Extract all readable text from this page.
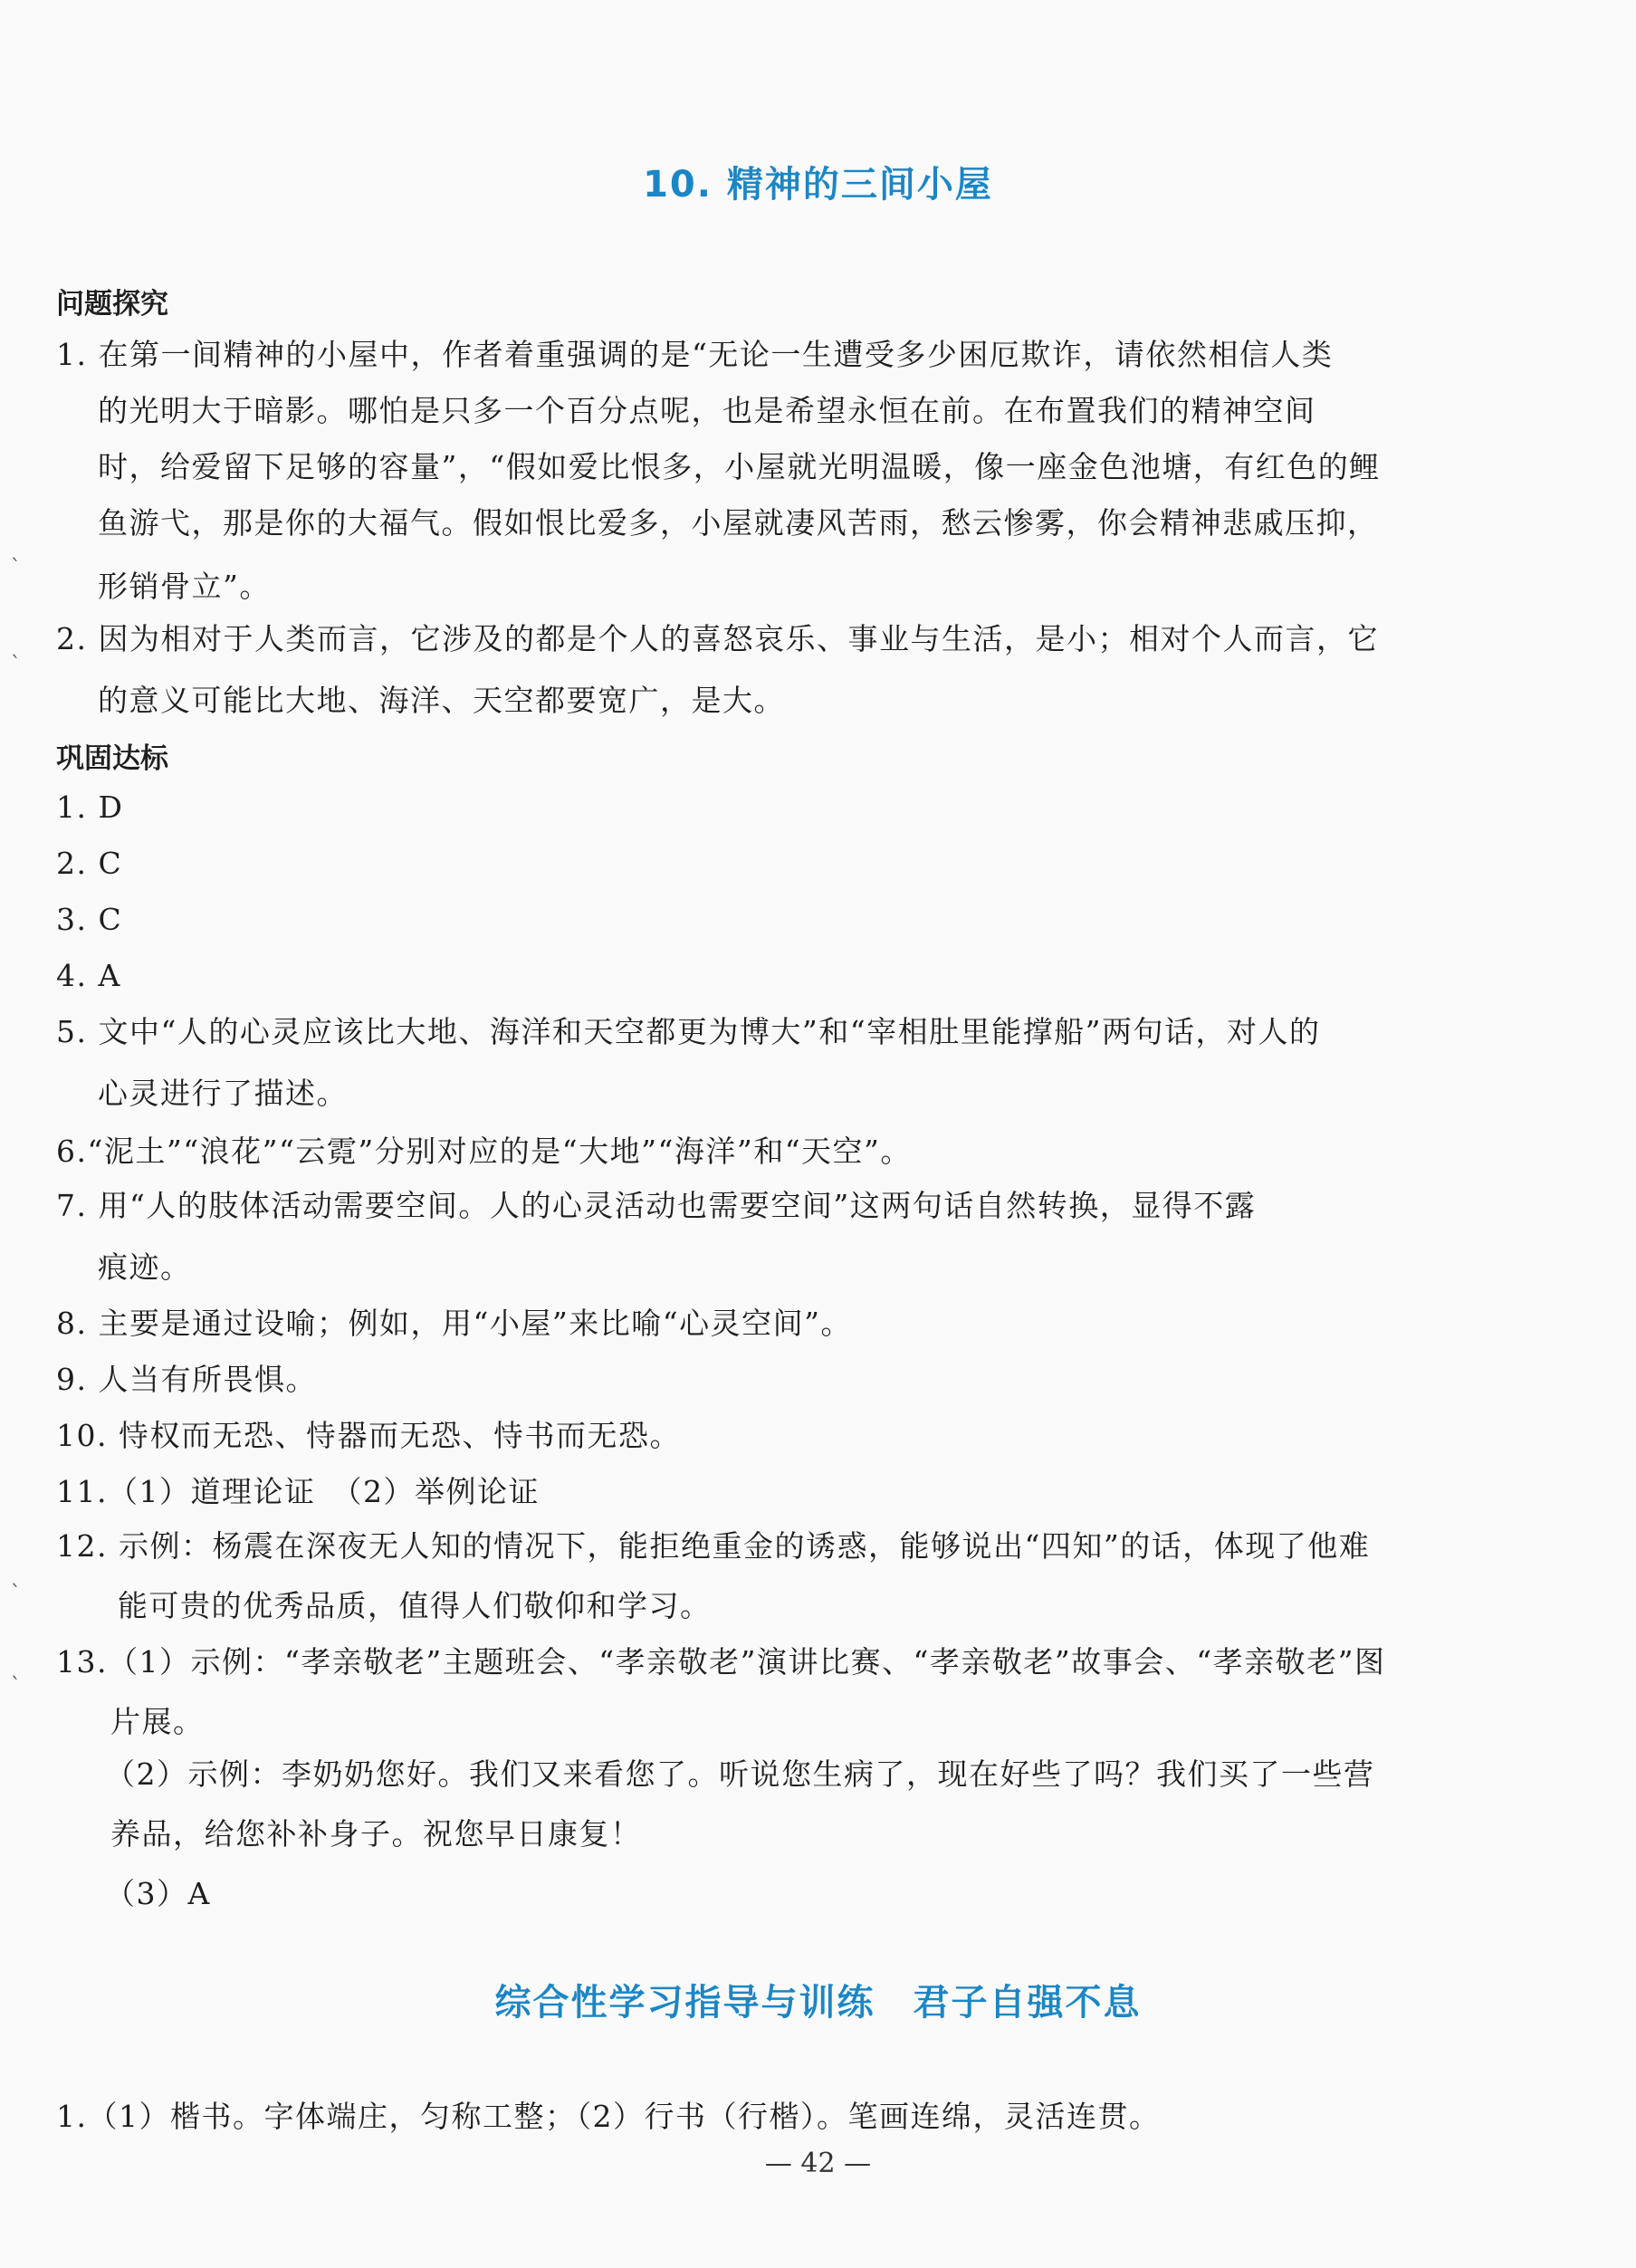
10. 精神的三间小屋
问题探究
1. 在第一间精神的小屋中，作者着重强调的是“无论一生遭受多少困厄欺诈，请依然相信人类
的光明大于暗影。哪怕是只多一个百分点呢，也是希望永恒在前。在布置我们的精神空间
时，给爱留下足够的容量”，“假如爱比恨多，小屋就光明温暖，像一座金色池塘，有红色的鲤
鱼游弋，那是你的大福气。假如恨比爱多，小屋就凄风苦雨，愁云惨雾，你会精神悲戚压抑，
形销骨立”。
2. 因为相对于人类而言，它涉及的都是个人的喜怒哀乐、事业与生活，是小；相对个人而言，它
的意义可能比大地、海洋、天空都要宽广，是大。
巩固达标
1. D
2. C
3. C
4. A
5. 文中“人的心灵应该比大地、海洋和天空都更为博大”和“宰相肚里能撑船”两句话，对人的
心灵进行了描述。
6.“泥土”“浪花”“云霓”分别对应的是“大地”“海洋”和“天空”。
7. 用“人的肢体活动需要空间。人的心灵活动也需要空间”这两句话自然转换，显得不露
痕迹。
8. 主要是通过设喻；例如，用“小屋”来比喻“心灵空间”。
9. 人当有所畏惧。
10. 恃权而无恐、恃器而无恐、恃书而无恐。
11.（1）道理论证　（2）举例论证
12. 示例：杨震在深夜无人知的情况下，能拒绝重金的诱惑，能够说出“四知”的话，体现了他难
能可贵的优秀品质，值得人们敬仰和学习。
13.（1）示例：“孝亲敬老”主题班会、“孝亲敬老”演讲比赛、“孝亲敬老”故事会、“孝亲敬老”图
片展。
（2）示例：李奶奶您好。我们又来看您了。听说您生病了，现在好些了吗？我们买了一些营
养品，给您补补身子。祝您早日康复！
（3）A
综合性学习指导与训练　君子自强不息
1.（1）楷书。字体端庄，匀称工整；（2）行书（行楷）。笔画连绵，灵活连贯。
— 42 —
`
`
`
`
